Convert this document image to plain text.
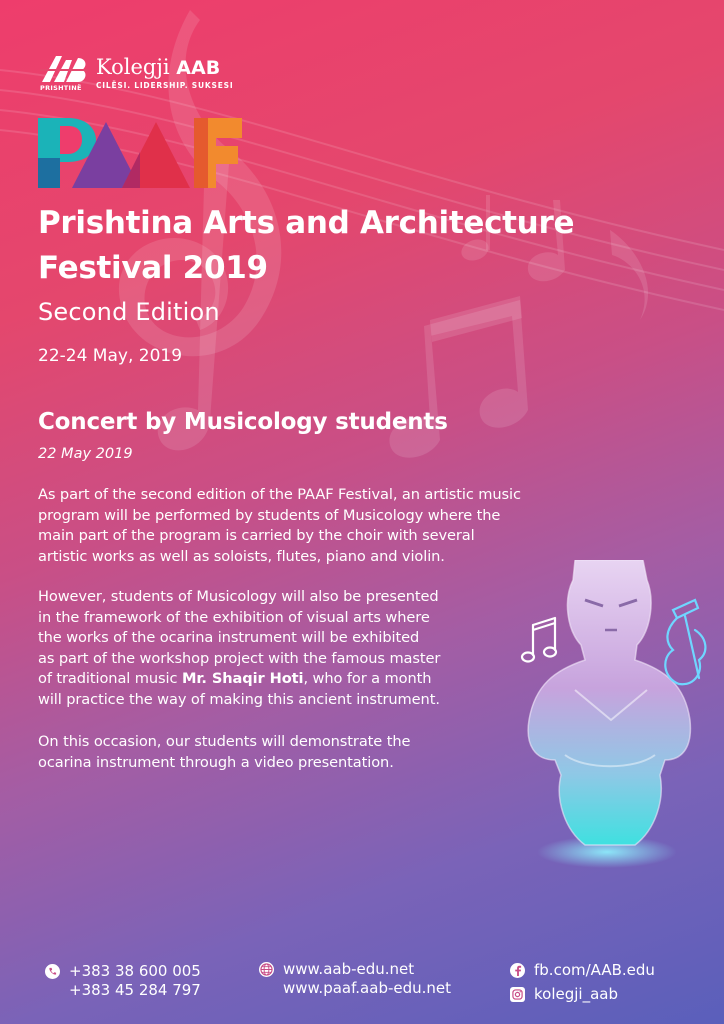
PRISHTINË
Kolegji AAB
CILËSI. LIDERSHIP. SUKSESI
Prishtina Arts and Architecture Festival 2019
Second Edition
22-24 May, 2019
Concert by Musicology students
22 May 2019
As part of the second edition of the PAAF Festival, an artistic music
program will be performed by students of Musicology where the
main part of the program is carried by the choir with several
artistic works as well as soloists, flutes, piano and violin.
However, students of Musicology will also be presented
in the framework of the exhibition of visual arts where
the works of the ocarina instrument will be exhibited
as part of the workshop project with the famous master
of traditional music Mr. Shaqir Hoti, who for a month
will practice the way of making this ancient instrument.
On this occasion, our students will demonstrate the
ocarina instrument through a video presentation.
+383 38 600 005
+383 45 284 797
www.aab-edu.net
www.paaf.aab-edu.net
fb.com/AAB.edu
kolegji_aab
